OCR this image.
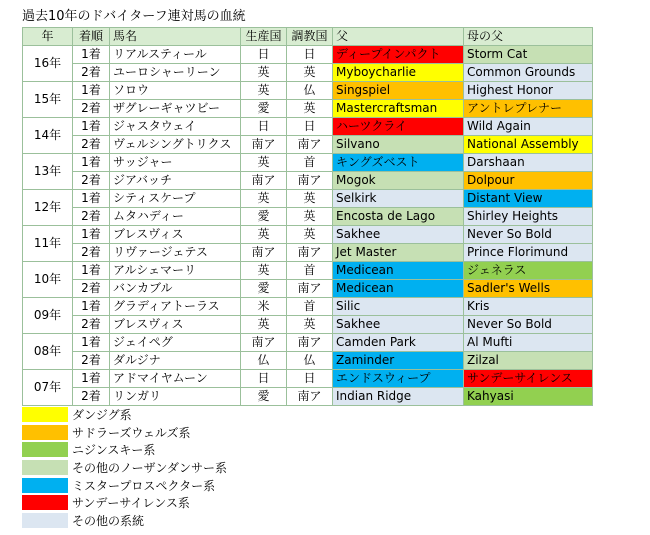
過去10年のドバイターフ連対馬の血統
年	着順	馬名	生産国	調教国	父	母の父
16年	1着	リアルスティール	日	日	ディープインパクト	Storm Cat
	2着	ユーロシャーリーン	英	英	Myboycharlie	Common Grounds
15年	1着	ソロウ	英	仏	Singspiel	Highest Honor
	2着	ザグレーギャツビー	愛	英	Mastercraftsman	アントレプレナー
14年	1着	ジャスタウェイ	日	日	ハーツクライ	Wild Again
	2着	ヴェルシングトリクス	南ア	南ア	Silvano	National Assembly
13年	1着	サッジャー	英	首	キングズベスト	Darshaan
	2着	ジアバッチ	南ア	南ア	Mogok	Dolpour
12年	1着	シティスケープ	英	英	Selkirk	Distant View
	2着	ムタハディー	愛	英	Encosta de Lago	Shirley Heights
11年	1着	ブレスヴィス	英	英	Sakhee	Never So Bold
	2着	リヴァージェテス	南ア	南ア	Jet Master	Prince Florimund
10年	1着	アルシェマーリ	英	首	Medicean	ジェネラス
	2着	バンカブル	愛	南ア	Medicean	Sadler's Wells
09年	1着	グラディアトーラス	米	首	Silic	Kris
	2着	ブレスヴィス	英	英	Sakhee	Never So Bold
08年	1着	ジェイペグ	南ア	南ア	Camden Park	Al Mufti
	2着	ダルジナ	仏	仏	Zaminder	Zilzal
07年	1着	アドマイヤムーン	日	日	エンドスウィープ	サンデーサイレンス
	2着	リンガリ	愛	南ア	Indian Ridge	Kahyasi
ダンジグ系
サドラーズウェルズ系
ニジンスキー系
その他のノーザンダンサー系
ミスタープロスペクター系
サンデーサイレンス系
その他の系統
